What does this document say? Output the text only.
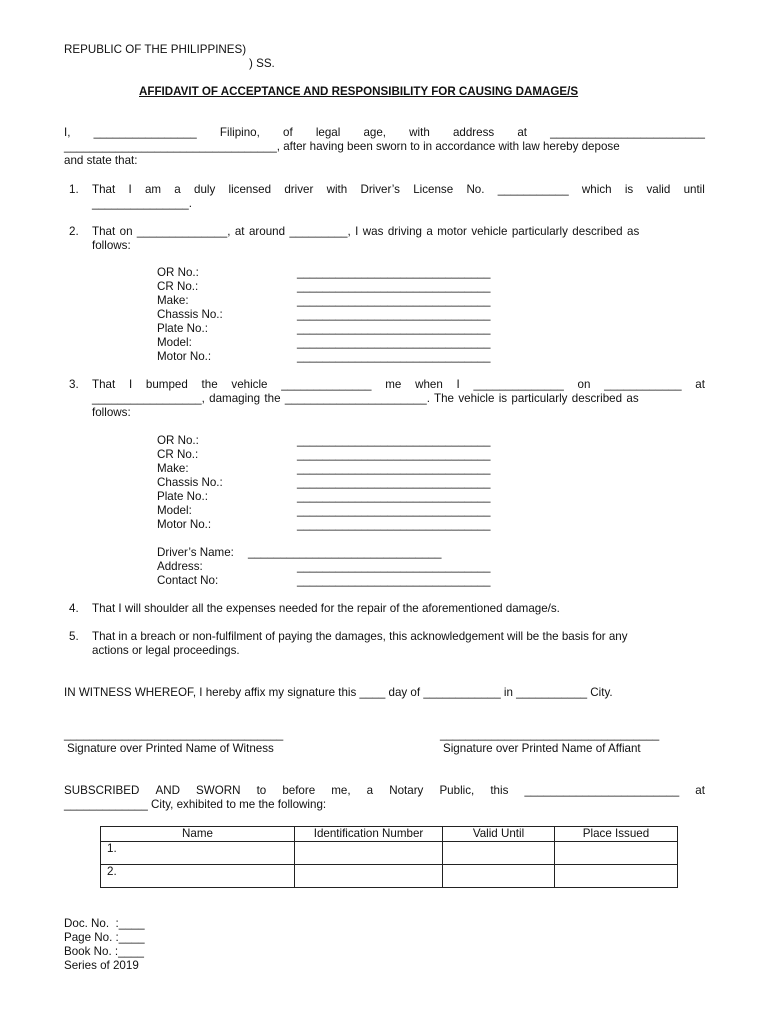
REPUBLIC OF THE PHILIPPINES)
) SS.
AFFIDAVIT OF ACCEPTANCE AND RESPONSIBILITY FOR CAUSING DAMAGE/S
I, ________________ Filipino, of legal age, with address at ________________________
_________________________________, after having been sworn to in accordance with law hereby depose
and state that:
1. That I am a duly licensed driver with Driver’s License No. ___________ which is valid until
_______________.
2. That on ______________, at around _________, I was driving a motor vehicle particularly described as
follows:
OR No.:	______________________________
CR No.:	______________________________
Make:	______________________________
Chassis No.:	______________________________
Plate No.:	______________________________
Model:	______________________________
Motor No.:	______________________________
3. That I bumped the vehicle ______________ me when I ______________ on ____________ at
_________________, damaging the ______________________. The vehicle is particularly described as
follows:
OR No.:	______________________________
CR No.:	______________________________
Make:	______________________________
Chassis No.:	______________________________
Plate No.:	______________________________
Model:	______________________________
Motor No.:	______________________________
Driver’s Name: ______________________________
Address:	______________________________
Contact No:	______________________________
4. That I will shoulder all the expenses needed for the repair of the aforementioned damage/s.
5. That in a breach or non-fulfilment of paying the damages, this acknowledgement will be the basis for any
actions or legal proceedings.
IN WITNESS WHEREOF, I hereby affix my signature this ____ day of ____________ in ___________ City.
__________________________________
Signature over Printed Name of Witness
__________________________________
Signature over Printed Name of Affiant
SUBSCRIBED AND SWORN to before me, a Notary Public, this ________________________ at
_____________ City, exhibited to me the following:
Name	Identification Number	Valid Until	Place Issued
1.			
2.			
Doc. No.  :____
Page No. :____
Book No. :____
Series of 2019
